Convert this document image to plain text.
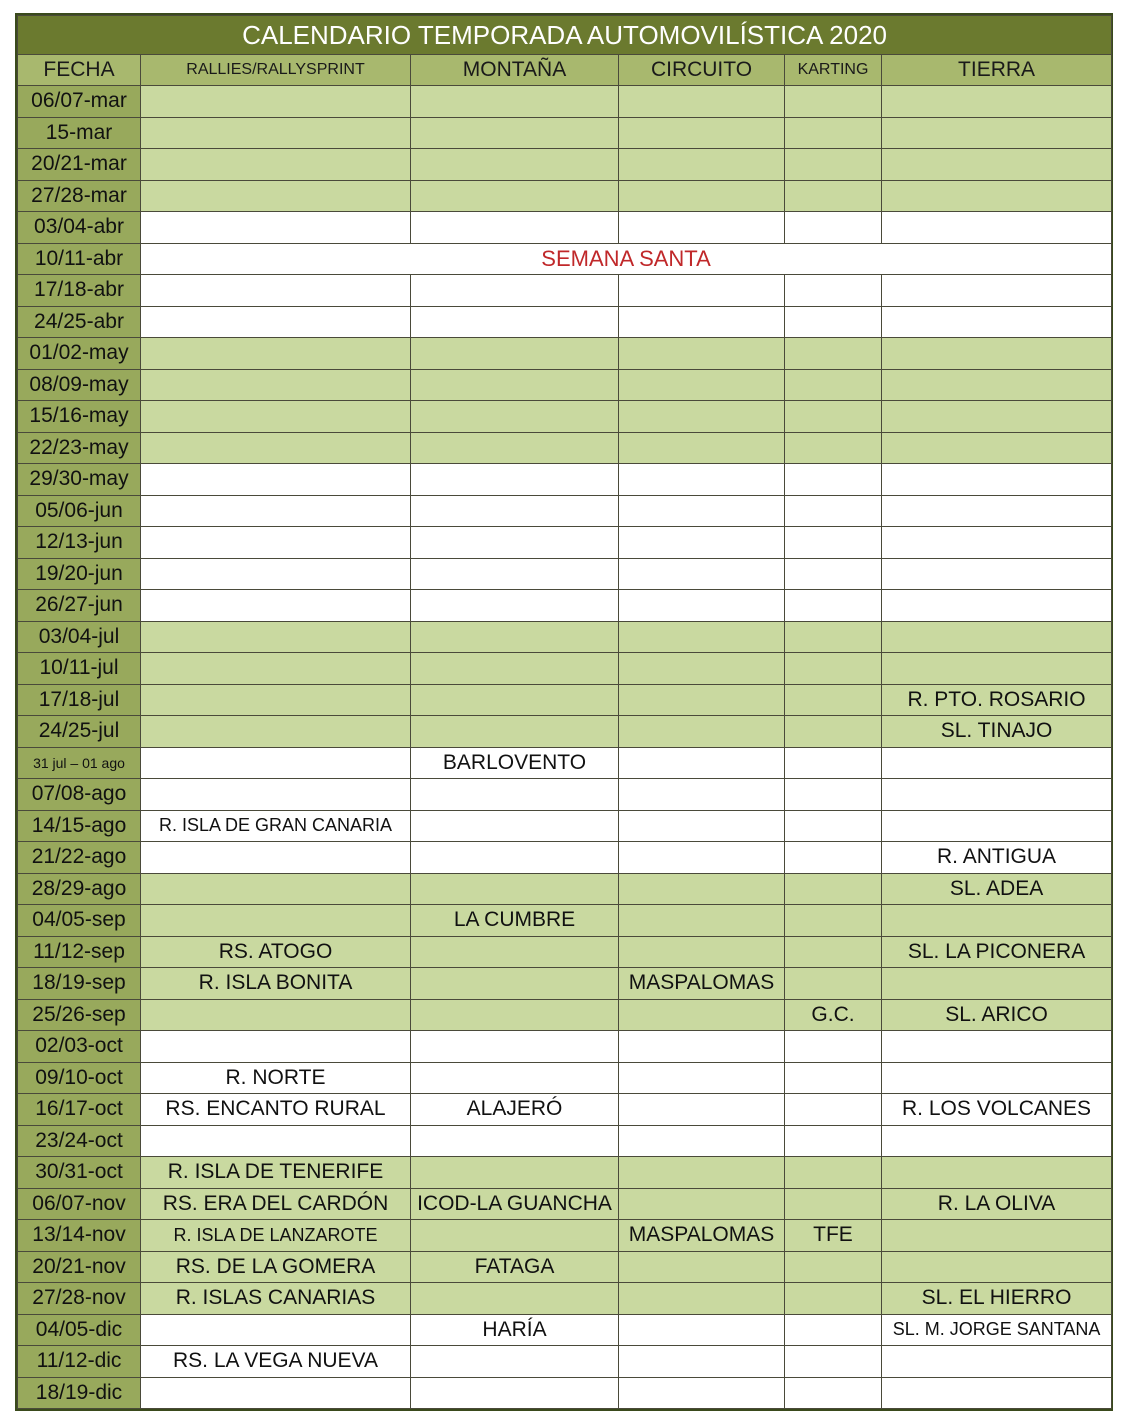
CALENDARIO TEMPORADA AUTOMOVILÍSTICA 2020					
FECHA	RALLIES/RALLYSPRINT	MONTAÑA	CIRCUITO	KARTING	TIERRA
06/07-mar					
15-mar					
20/21-mar					
27/28-mar					
03/04-abr					
10/11-abr	SEMANA SANTA				
17/18-abr					
24/25-abr					
01/02-may					
08/09-may					
15/16-may					
22/23-may					
29/30-may					
05/06-jun					
12/13-jun					
19/20-jun					
26/27-jun					
03/04-jul					
10/11-jul					
17/18-jul					R. PTO. ROSARIO
24/25-jul					SL. TINAJO
31 jul – 01 ago		BARLOVENTO			
07/08-ago					
14/15-ago	R. ISLA DE GRAN CANARIA				
21/22-ago					R. ANTIGUA
28/29-ago					SL. ADEA
04/05-sep		LA CUMBRE			
11/12-sep	RS. ATOGO				SL. LA PICONERA
18/19-sep	R. ISLA BONITA		MASPALOMAS		
25/26-sep				G.C.	SL. ARICO
02/03-oct					
09/10-oct	R. NORTE				
16/17-oct	RS. ENCANTO RURAL	ALAJERÓ			R. LOS VOLCANES
23/24-oct					
30/31-oct	R. ISLA DE TENERIFE				
06/07-nov	RS. ERA DEL CARDÓN	ICOD-LA GUANCHA			R. LA OLIVA
13/14-nov	R. ISLA DE LANZAROTE		MASPALOMAS	TFE	
20/21-nov	RS. DE LA GOMERA	FATAGA			
27/28-nov	R. ISLAS CANARIAS				SL. EL HIERRO
04/05-dic		HARÍA			SL. M. JORGE SANTANA
11/12-dic	RS. LA VEGA NUEVA				
18/19-dic					
